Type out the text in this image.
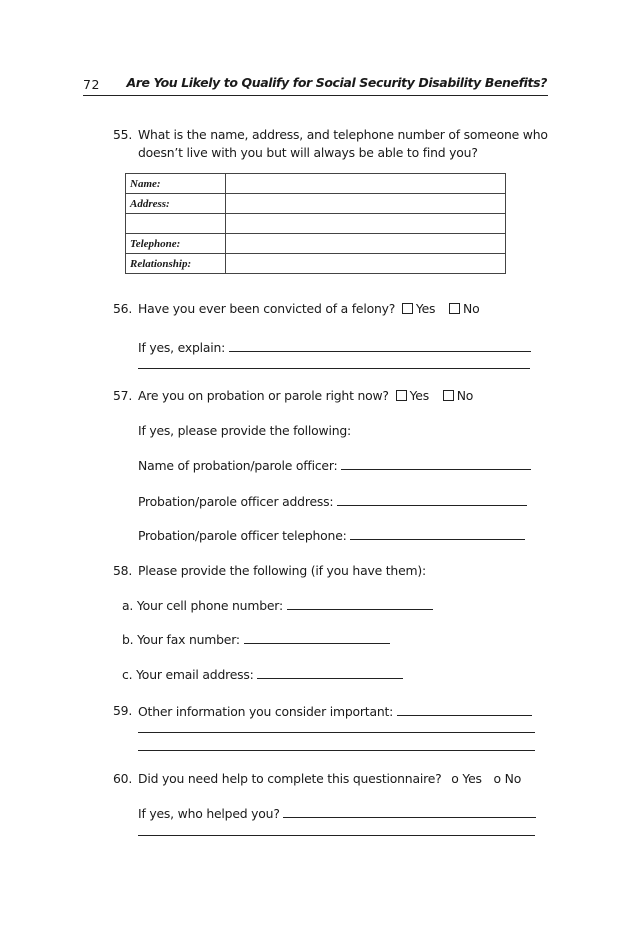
72 Are You Likely to Qualify for Social Security Disability Benefits?
55. What is the name, address, and telephone number of someone who
doesn’t live with you but will always be able to find you?
Name:	
Address:	

Telephone:	
Relationship:	
56. Have you ever been convicted of a felony? Yes No
If yes, explain:
57. Are you on probation or parole right now? Yes No
If yes, please provide the following:
Name of probation/parole officer:
Probation/parole officer address:
Probation/parole officer telephone:
58. Please provide the following (if you have them):
a. Your cell phone number:
b. Your fax number:
c. Your email address:
59. Other information you consider important:
60. Did you need help to complete this questionnaire? o Yes o No
If yes, who helped you?
